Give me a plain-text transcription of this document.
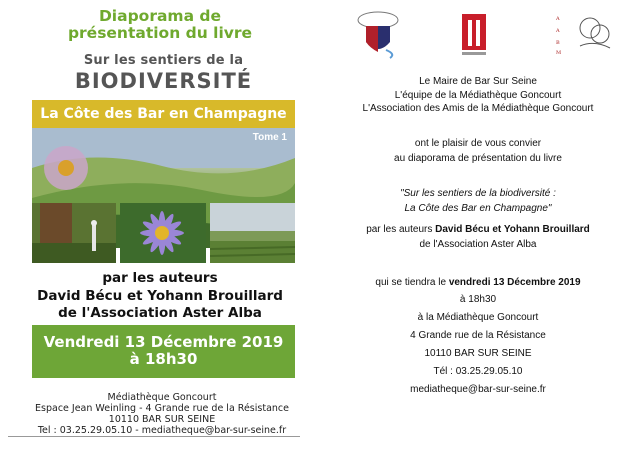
Diaporama de
présentation du livre
Sur les sentiers de la
BIODIVERSITÉ
La Côte des Bar en Champagne
Tome 1
par les auteurs
David Bécu et Yohann Brouillard
de l'Association Aster Alba
Vendredi 13 Décembre 2019
à 18h30
Médiathèque Goncourt
Espace Jean Weinling - 4 Grande rue de la Résistance
10110 BAR SUR SEINE
Tel : 03.25.29.05.10 - mediatheque@bar-sur-seine.fr
A
A
B
M
Le Maire de Bar Sur Seine
L'équipe de la Médiathèque Goncourt
L'Association des Amis de la Médiathèque Goncourt
ont le plaisir de vous convier
au diaporama de présentation du livre
"Sur les sentiers de la biodiversité :
La Côte des Bar en Champagne"
par les auteurs David Bécu et Yohann Brouillard
de l'Association Aster Alba
qui se tiendra le vendredi 13 Décembre 2019
à 18h30
à la Médiathèque Goncourt
4 Grande rue de la Résistance
10110 BAR SUR SEINE
Tél : 03.25.29.05.10
mediatheque@bar-sur-seine.fr
